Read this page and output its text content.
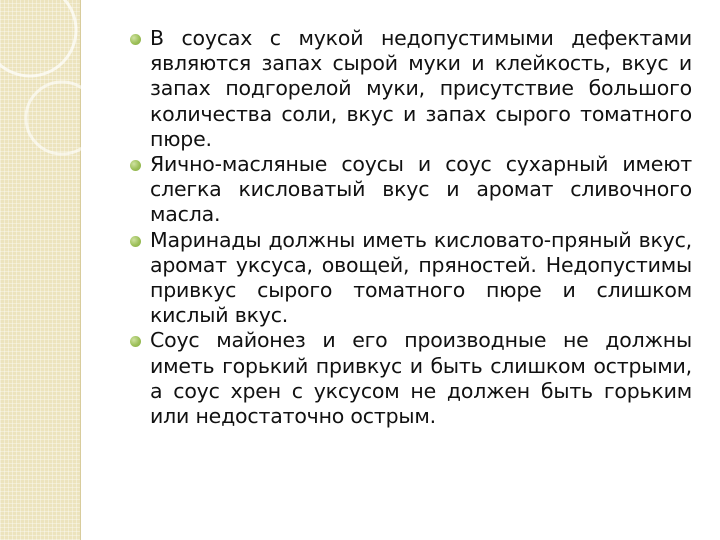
В соусах с мукой недопустимыми дефектами являются запах сырой муки и клейкость, вкус и запах подгорелой муки, присутствие большого количества соли, вкус и запах сырого томатного пюре.
Яично-масляные соусы и соус сухарный имеют слегка кисловатый вкус и аромат сливочного масла.
Маринады должны иметь кисловато-пряный вкус, аромат уксуса, овощей, пряностей. Недопустимы привкус сырого томатного пюре и слишком кислый вкус.
Соус майонез и его производные не должны иметь горький привкус и быть слишком острыми, а соус хрен с уксусом не должен быть горьким или недостаточно острым.
